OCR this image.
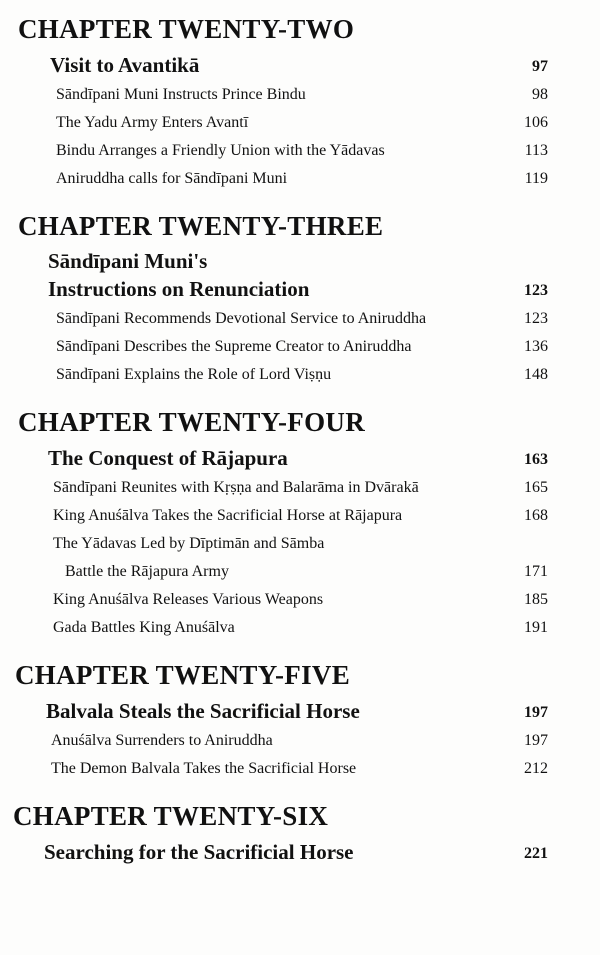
CHAPTER TWENTY-TWO
Visit to Avantikā	97
Sāndīpani Muni Instructs Prince Bindu	98
The Yadu Army Enters Avantī	106
Bindu Arranges a Friendly Union with the Yādavas	113
Aniruddha calls for Sāndīpani Muni	119
CHAPTER TWENTY-THREE
Sāndīpani Muni's
Instructions on Renunciation	123
Sāndīpani Recommends Devotional Service to Aniruddha	123
Sāndīpani Describes the Supreme Creator to Aniruddha	136
Sāndīpani Explains the Role of Lord Viṣṇu	148
CHAPTER TWENTY-FOUR
The Conquest of Rājapura	163
Sāndīpani Reunites with Kṛṣṇa and Balarāma in Dvārakā	165
King Anuśālva Takes the Sacrificial Horse at Rājapura	168
The Yādavas Led by Dīptimān and Sāmba
Battle the Rājapura Army	171
King Anuśālva Releases Various Weapons	185
Gada Battles King Anuśālva	191
CHAPTER TWENTY-FIVE
Balvala Steals the Sacrificial Horse	197
Anuśālva Surrenders to Aniruddha	197
The Demon Balvala Takes the Sacrificial Horse	212
CHAPTER TWENTY-SIX
Searching for the Sacrificial Horse	221
